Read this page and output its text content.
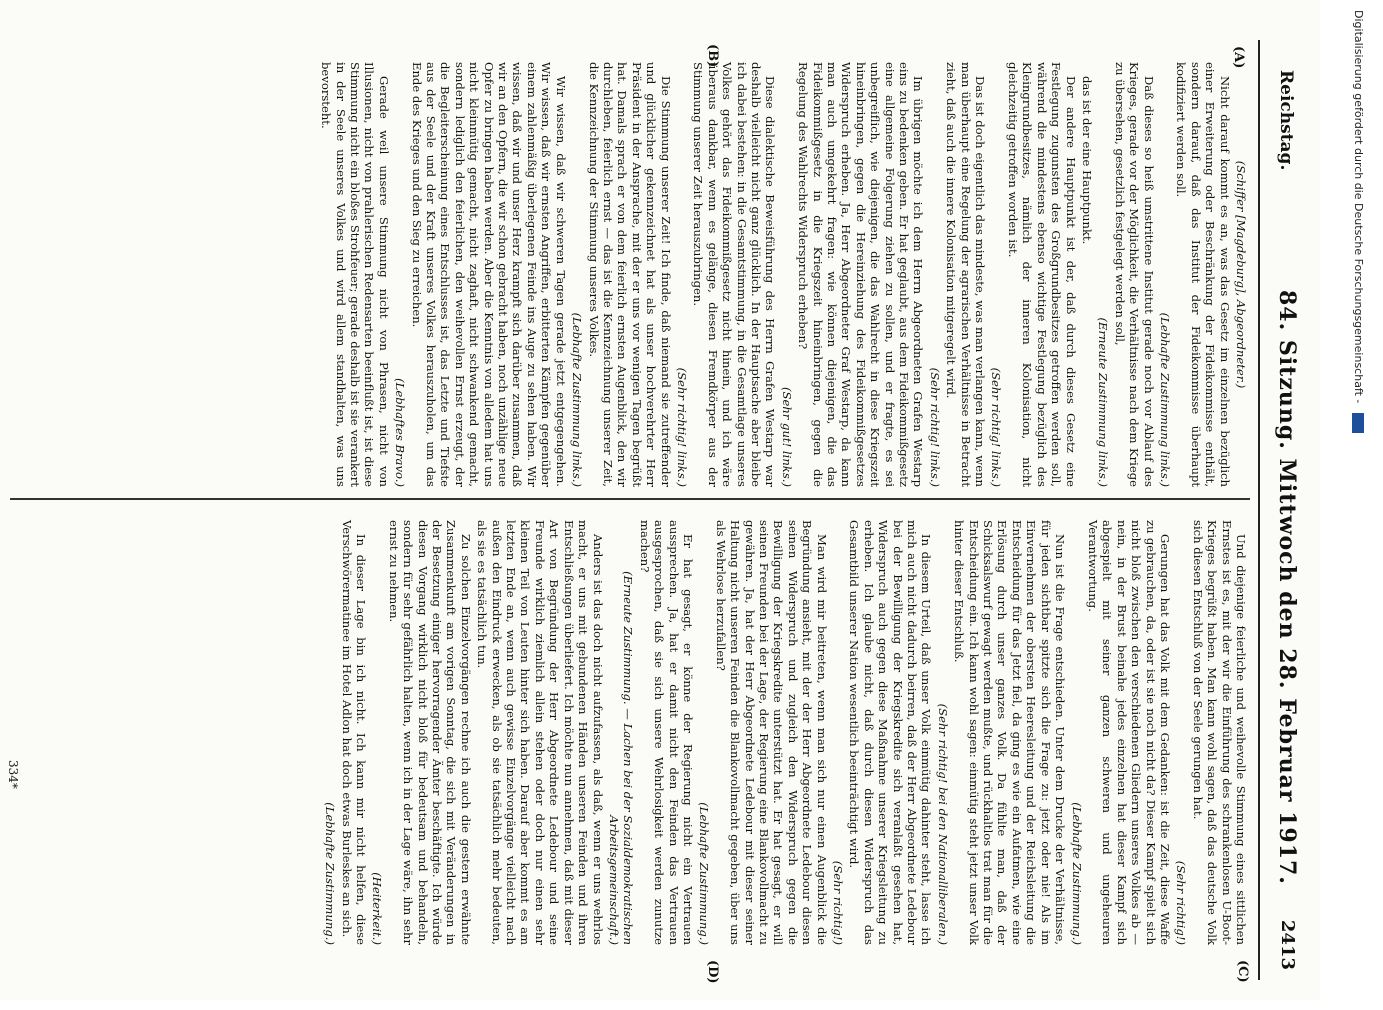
Reichstag.
84. Sitzung. Mittwoch den 28. Februar 1917.
2413
(A)
(B)
(C)
(D)

(Schiffer [Magdeburg], Abgeordneter.)

Nicht darauf kommt es an, was das Gesetz im einzelnen bezüglich einer Erweiterung oder Beschränkung der Fideikommisse enthält, sondern darauf, daß das Institut der Fideikommisse überhaupt kodifiziert werden soll.

(Lebhafte Zustimmung links.)

Daß dieses so heiß umstrittene Institut gerade noch vor Ablauf des Krieges, gerade vor der Möglichkeit, die Verhältnisse nach dem Kriege zu übersehen, gesetzlich festgelegt werden soll,

(Erneute Zustimmung links.)

das ist der eine Hauptpunkt.

Der andere Hauptpunkt ist der, daß durch dieses Gesetz eine Festlegung zugunsten des Großgrundbesitzes getroffen werden soll, während die mindestens ebenso wichtige Festlegung bezüglich des Kleingrundbesitzes, nämlich der inneren Kolonisation, nicht gleichzeitig getroffen worden ist.

(Sehr richtig! links.)

Das ist doch eigentlich das mindeste, was man verlangen kann, wenn man überhaupt eine Regelung der agrarischen Verhältnisse in Betracht zieht, daß auch die innere Kolonisation mitgeregelt wird.

(Sehr richtig! links.)

Im übrigen möchte ich dem Herrn Abgeordneten Grafen Westarp eins zu bedenken geben. Er hat geglaubt, aus dem Fideikommißgesetz eine allgemeine Folgerung ziehen zu sollen, und er fragte, es sei unbegreiflich, wie diejenigen, die das Wahlrecht in diese Kriegszeit hineinbringen, gegen die Hereinziehung des Fideikommißgesetzes Widerspruch erheben. Ja, Herr Abgeordneter Graf Westarp, da kann man auch umgekehrt fragen: wie können diejenigen, die das Fideikommißgesetz in die Kriegszeit hineinbringen, gegen die Regelung des Wahlrechts Widerspruch erheben?

(Sehr gut! links.)

Diese dialektische Beweisführung des Herrn Grafen Westarp war deshalb vielleicht nicht ganz glücklich. In der Hauptsache aber bleibe ich dabei bestehen: in die Gesamtstimmung, in die Gesamtlage unseres Volkes gehört das Fideikommißgesetz nicht hinein, und ich wäre überaus dankbar, wenn es gelänge, diesen Fremdkörper aus der Stimmung unserer Zeit herauszubringen.

(Sehr richtig! links.)

Die Stimmung unserer Zeit! Ich finde, daß niemand sie zutreffender und glücklicher gekennzeichnet hat als unser hochverehrter Herr Präsident in der Ansprache, mit der er uns vor wenigen Tagen begrüßt hat. Damals sprach er von dem feierlich ernsten Augenblick, den wir durchleben, feierlich ernst — das ist die Kennzeichnung unserer Zeit, die Kennzeichnung der Stimmung unseres Volkes.

(Lebhafte Zustimmung links.)

Wir wissen, daß wir schweren Tagen gerade jetzt entgegengehen. Wir wissen, daß wir ernsten Angriffen, erbitterten Kämpfen gegenüber einem zahlenmäßig überlegenen Feinde ins Auge zu sehen haben. Wir wissen, daß wir und unser Herz krampft sich darüber zusammen, daß wir an den Opfern, die wir schon gebracht haben, noch unzählige neue Opfer zu bringen haben werden. Aber die Kenntnis von alledem hat uns nicht kleinmütig gemacht, nicht zaghaft, nicht schwankend gemacht, sondern lediglich den feierlichen, den weihevollen Ernst erzeugt, der die Begleiterscheinung eines Entschlusses ist, das Letzte und Tiefste aus der Seele und der Kraft unseres Volkes herauszuholen, um das Ende des Krieges und den Sieg zu erreichen.

(Lebhaftes Bravo.)

Gerade weil unsere Stimmung nicht von Phrasen, nicht von Illusionen, nicht von prahlerischen Redensarten beeinflußt ist, ist diese Stimmung nicht ein bloßes Strohfeuer; gerade deshalb ist sie verankert in der Seele unseres Volkes und wird allem standhalten, was uns bevorsteht.

Und diejenige feierliche und weihevolle Stimmung eines sittlichen Ernstes ist es, mit der wir die Einführung des schrankenlosen U-Boot-Krieges begrüßt haben. Man kann wohl sagen, daß das deutsche Volk sich diesen Entschluß von der Seele gerungen hat.

(Sehr richtig!)

Gerungen hat das Volk mit dem Gedanken: ist die Zeit, diese Waffe zu gebrauchen, da, oder ist sie noch nicht da? Dieser Kampf spielt sich nicht bloß zwischen den verschiedenen Gliedern unseres Volkes ab — nein, in der Brust beinahe jedes einzelnen hat dieser Kampf sich abgespielt mit seiner ganzen schweren und ungeheuren Verantwortung.

(Lebhafte Zustimmung.)

Nun ist die Frage entschieden. Unter dem Drucke der Verhältnisse, für jeden sichtbar spitzte sich die Frage zu: jetzt oder nie! Als im Einvernehmen der obersten Heeresleitung und der Reichsleitung die Entscheidung für das Jetzt fiel, da ging es wie ein Aufatmen, wie eine Erlösung durch unser ganzes Volk. Da fühlte man, daß der Schicksalswurf gewagt werden mußte, und rückhaltlos trat man für die Entscheidung ein. Ich kann wohl sagen: einmütig steht jetzt unser Volk hinter dieser Entschluß.

(Sehr richtig! bei den Nationalliberalen.)

In diesem Urteil, daß unser Volk einmütig dahinter steht, lasse ich mich auch nicht dadurch beirren, daß der Herr Abgeordnete Ledebour bei der Bewilligung der Kriegskredite sich veranlaßt gesehen hat, Widerspruch auch gegen diese Maßnahme unserer Kriegsleitung zu erheben. Ich glaube nicht, daß durch diesen Widerspruch das Gesamtbild unserer Nation wesentlich beeinträchtigt wird.

(Sehr richtig!)

Man wird mir beitreten, wenn man sich nur einen Augenblick die Begründung ansieht, mit der der Herr Abgeordnete Ledebour diesen seinen Widerspruch und zugleich den Widerspruch gegen die Bewilligung der Kriegskredite unterstützt hat. Er hat gesagt, er will seinen Freunden bei der Lage, der Regierung eine Blankovollmacht zu gewähren. Ja, hat der Herr Abgeordnete Ledebour mit dieser seiner Haltung nicht unseren Feinden die Blankovollmacht gegeben, über uns als Wehrlose herzufallen?

(Lebhafte Zustimmung.)

Er hat gesagt, er könne der Regierung nicht ein Vertrauen aussprechen. Ja, hat er damit nicht den Feinden das Vertrauen ausgesprochen, daß sie sich unsere Wehrlosigkeit werden zunutze machen?

(Erneute Zustimmung. — Lachen bei der Sozialdemokratischen Arbeitsgemeinschaft.)

Anders ist das doch nicht aufzufassen, als daß, wenn er uns wehrlos macht, er uns mit gebundenen Händen unseren Feinden und ihren Entschließungen überliefert. Ich möchte nun annehmen, daß mit dieser Art von Begründung der Herr Abgeordnete Ledebour und seine Freunde wirklich ziemlich allein stehen oder doch nur einen sehr kleinen Teil von Leuten hinter sich haben. Darauf aber kommt es am letzten Ende an, wenn auch gewisse Einzelvorgänge vielleicht nach außen den Eindruck erwecken, als ob sie tatsächlich mehr bedeuten, als sie es tatsächlich tun.

Zu solchen Einzelvorgängen rechne ich auch die gestern erwähnte Zusammenkunft am vorigen Sonntag, die sich mit Veränderungen in der Besetzung einiger hervorragender Ämter beschäftigte. Ich würde diesen Vorgang wirklich nicht bloß für bedeutsam und behandeln, sondern für sehr gefährlich halten, wenn ich in der Lage wäre, ihn sehr ernst zu nehmen.

(Heiterkeit.)

In dieser Lage bin ich nicht. Ich kann mir nicht helfen, diese Verschwörermatinee im Hotel Adlon hat doch etwas Burleskes an sich.

(Lebhafte Zustimmung.)

334*
Digitalisierung gefördert durch die Deutsche Forschungsgemeinschaft -
